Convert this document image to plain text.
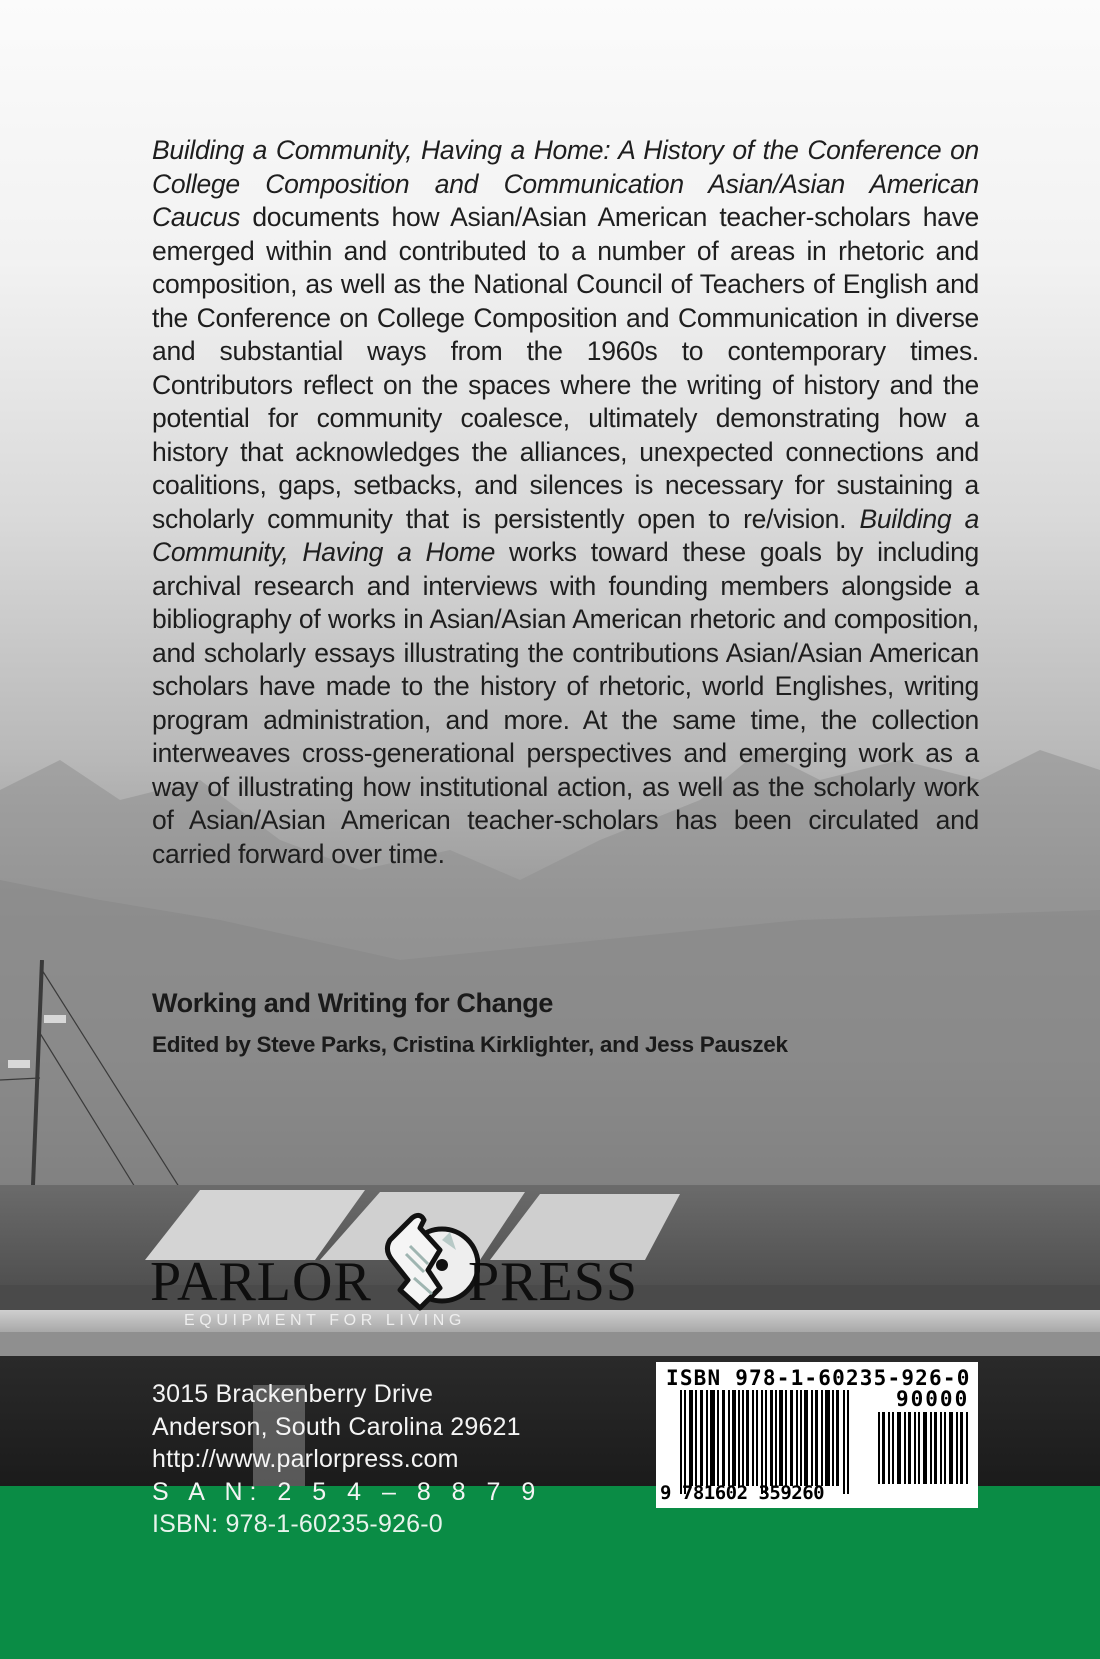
Building a Community, Having a Home: A History of the Conference on College Composition and Communication Asian/Asian American Caucus documents how Asian/Asian American teacher-scholars have emerged within and contributed to a number of areas in rhetoric and composition, as well as the National Council of Teachers of English and the Conference on College Composition and Communication in diverse and substantial ways from the 1960s to contemporary times. Contributors reflect on the spaces where the writing of history and the potential for community coalesce, ultimately demonstrating how a history that acknowledges the alliances, unexpected connections and coalitions, gaps, setbacks, and silences is necessary for sustaining a scholarly community that is persistently open to re/vision. Building a Community, Having a Home works toward these goals by including archival research and interviews with founding members alongside a bibliography of works in Asian/Asian American rhetoric and composition, and scholarly essays illustrating the contributions Asian/Asian American scholars have made to the history of rhetoric, world Englishes, writing program administration, and more. At the same time, the collection interweaves cross-generational perspectives and emerging work as a way of illustrating how institutional action, as well as the scholarly work of Asian/Asian American teacher-scholars has been circulated and carried forward over time.

Working and Writing for Change
Edited by Steve Parks, Cristina Kirklighter, and Jess Pauszek
PARLOR PRESS
EQUIPMENT FOR LIVING
3015 Brackenberry Drive
Anderson, South Carolina 29621
http://www.parlorpress.com
S A N: 2 5 4 – 8 8 7 9
ISBN: 978-1-60235-926-0
ISBN 978-1-60235-926-0
90000
9 781602 359260
